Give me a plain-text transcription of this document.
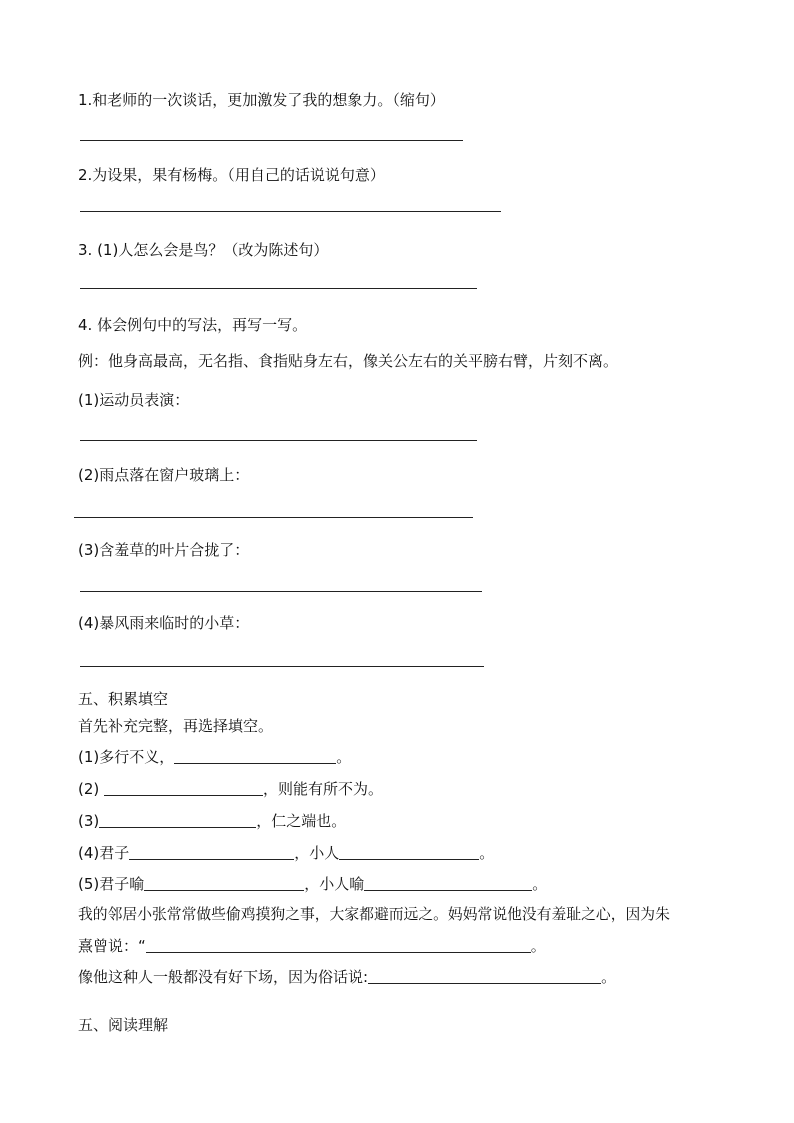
1.和老师的一次谈话，更加激发了我的想象力。（缩句）
2.为设果，果有杨梅。（用自己的话说说句意）
3. (1)人怎么会是鸟？（改为陈述句）
4. 体会例句中的写法，再写一写。
例：他身高最高，无名指、食指贴身左右，像关公左右的关平膀右臂，片刻不离。
(1)运动员表演：
(2)雨点落在窗户玻璃上：
(3)含羞草的叶片合拢了：
(4)暴风雨来临时的小草：
五、积累填空
首先补充完整，再选择填空。
(1)多行不义，	。
(2)	，则能有所不为。
(3)	，仁之端也。
(4)君子	，小人	。
(5)君子喻	，小人喻	。
我的邻居小张常常做些偷鸡摸狗之事，大家都避而远之。妈妈常说他没有羞耻之心，因为朱
熹曾说：“	。
像他这种人一般都没有好下场，因为俗话说:	。
五、阅读理解
